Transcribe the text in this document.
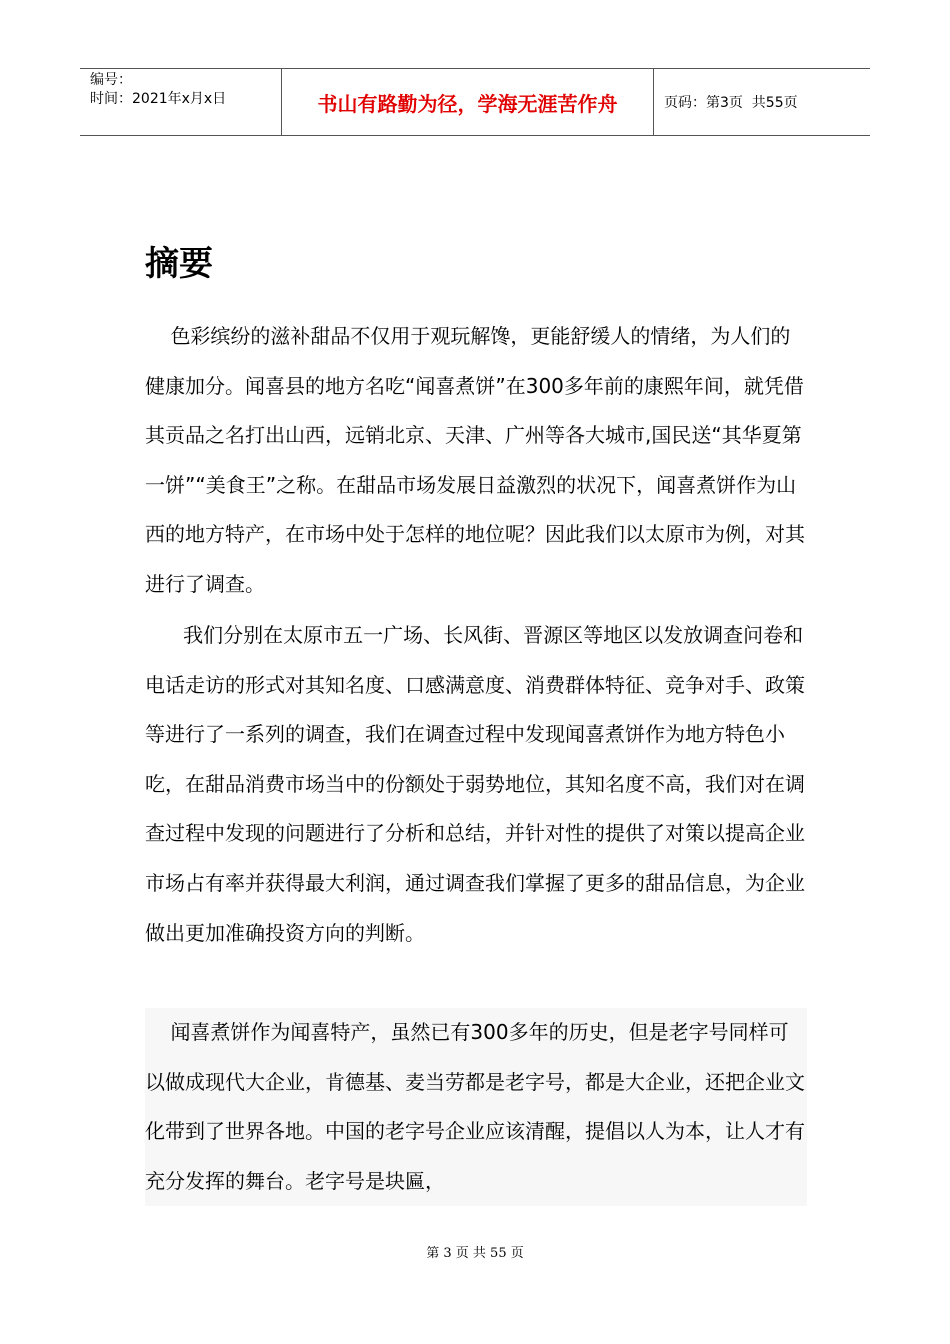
编号：
时间：2021年x月x日	书山有路勤为径，学海无涯苦作舟	页码：第3页  共55页
摘要

色彩缤纷的滋补甜品不仅用于观玩解馋，更能舒缓人的情绪，为人们的健康加分。闻喜县的地方名吃“闻喜煮饼”在300多年前的康熙年间，就凭借其贡品之名打出山西，远销北京、天津、广州等各大城市,国民送“其华夏第一饼”“美食王”之称。在甜品市场发展日益激烈的状况下，闻喜煮饼作为山西的地方特产，在市场中处于怎样的地位呢？因此我们以太原市为例，对其进行了调查。

我们分别在太原市五一广场、长风街、晋源区等地区以发放调查问卷和电话走访的形式对其知名度、口感满意度、消费群体特征、竞争对手、政策等进行了一系列的调查，我们在调查过程中发现闻喜煮饼作为地方特色小吃，在甜品消费市场当中的份额处于弱势地位，其知名度不高，我们对在调查过程中发现的问题进行了分析和总结，并针对性的提供了对策以提高企业市场占有率并获得最大利润，通过调查我们掌握了更多的甜品信息，为企业做出更加准确投资方向的判断。

闻喜煮饼作为闻喜特产，虽然已有300多年的历史，但是老字号同样可以做成现代大企业，肯德基、麦当劳都是老字号，都是大企业，还把企业文化带到了世界各地。中国的老字号企业应该清醒，提倡以人为本，让人才有充分发挥的舞台。老字号是块匾，

第 3 页 共 55 页
